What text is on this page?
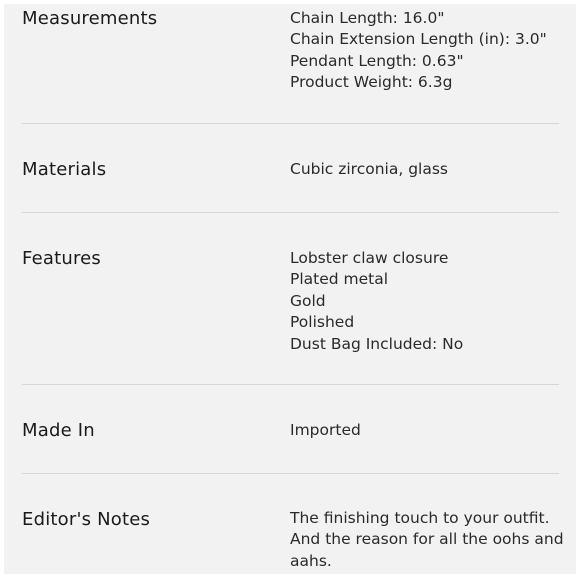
Measurements	Chain Length: 16.0"
Chain Extension Length (in): 3.0"
Pendant Length: 0.63"
Product Weight: 6.3g
Materials	Cubic zirconia, glass
Features	Lobster claw closure
Plated metal
Gold
Polished
Dust Bag Included: No
Made In	Imported
Editor's Notes	The finishing touch to your outfit.
And the reason for all the oohs and
aahs.
